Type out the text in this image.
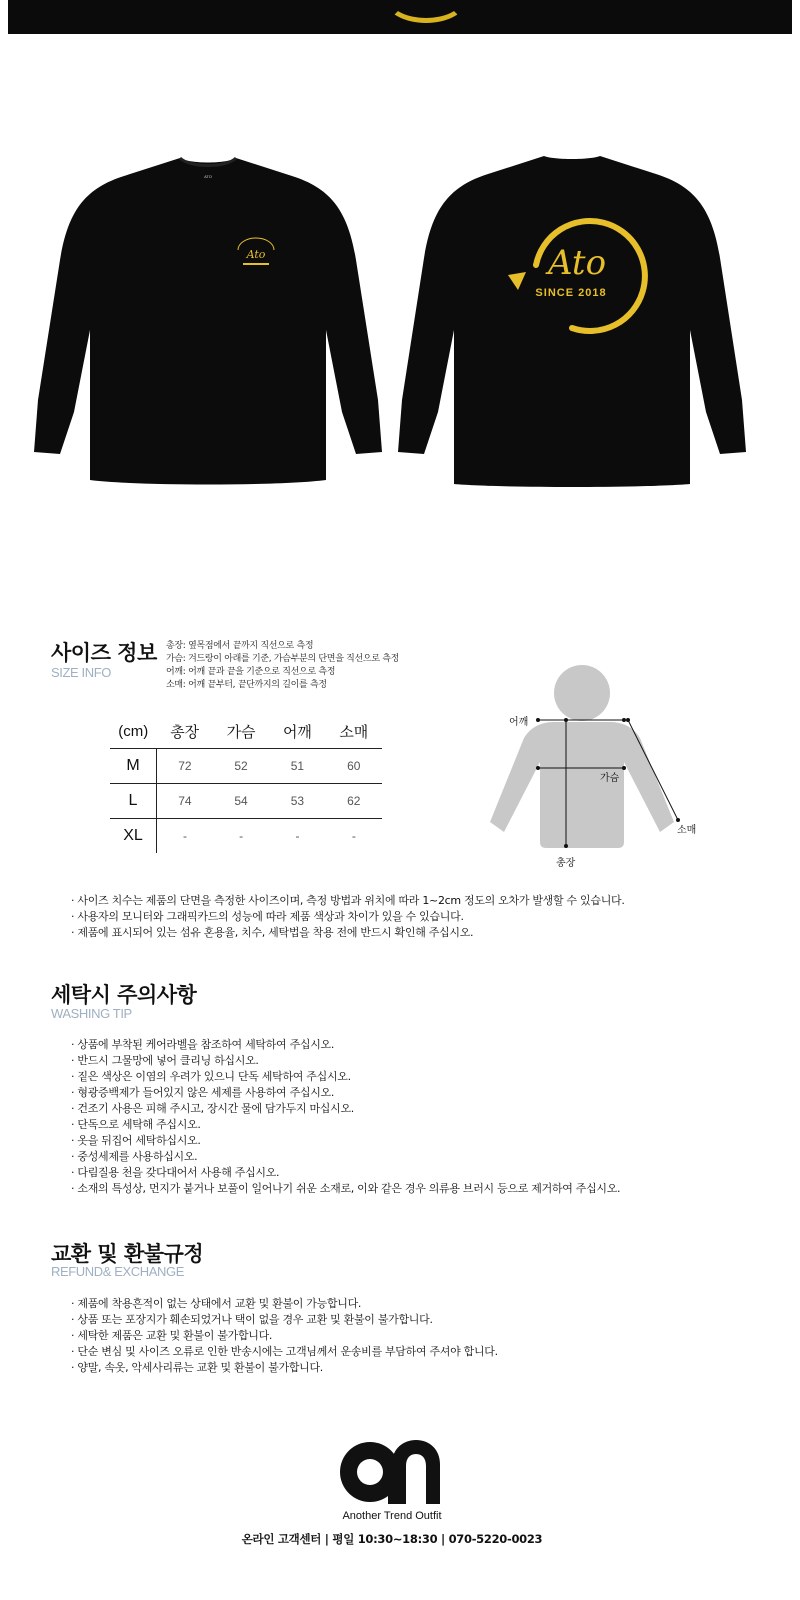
ATO
Ato	Ato
SINCE 2018
사이즈 정보
SIZE INFO
총장: 옆목점에서 끝까지 직선으로 측정
가슴: 겨드랑이 아래를 기준, 가슴부분의 단면을 직선으로 측정
어깨: 어깨 끝과 끝을 기준으로 직선으로 측정
소매: 어깨 끝부터, 끝단까지의 길이를 측정
(cm)	총장	가슴	어깨	소매
M	72	52	51	60
L	74	54	53	62
XL	-	-	-	-
어깨
가슴
소매
총장
· 사이즈 치수는 제품의 단면을 측정한 사이즈이며, 측정 방법과 위치에 따라 1~2cm 정도의 오차가 발생할 수 있습니다.
· 사용자의 모니터와 그래픽카드의 성능에 따라 제품 색상과 차이가 있을 수 있습니다.
· 제품에 표시되어 있는 섬유 혼용율, 치수, 세탁법을 착용 전에 반드시 확인해 주십시오.
세탁시 주의사항
WASHING TIP
· 상품에 부착된 케어라벨을 참조하여 세탁하여 주십시오.
· 반드시 그물망에 넣어 클리닝 하십시오.
· 짙은 색상은 이염의 우려가 있으니 단독 세탁하여 주십시오.
· 형광증백제가 들어있지 않은 세제를 사용하여 주십시오.
· 건조기 사용은 피해 주시고, 장시간 물에 담가두지 마십시오.
· 단독으로 세탁해 주십시오.
· 옷을 뒤집어 세탁하십시오.
· 중성세제를 사용하십시오.
· 다림질용 천을 갖다대어서 사용해 주십시오.
· 소재의 특성상, 먼지가 붙거나 보풀이 일어나기 쉬운 소재로, 이와 같은 경우 의류용 브러시 등으로 제거하여 주십시오.
교환 및 환불규정
REFUND& EXCHANGE
· 제품에 착용흔적이 없는 상태에서 교환 및 환불이 가능합니다.
· 상품 또는 포장지가 훼손되었거나 택이 없을 경우 교환 및 환불이 불가합니다.
· 세탁한 제품은 교환 및 환불이 불가합니다.
· 단순 변심 및 사이즈 오류로 인한 반송시에는 고객님께서 운송비를 부담하여 주셔야 합니다.
· 양말, 속옷, 악세사리류는 교환 및 환불이 불가합니다.
am
Another Trend Outfit
온라인 고객센터 | 평일 10:30~18:30 | 070-5220-0023
